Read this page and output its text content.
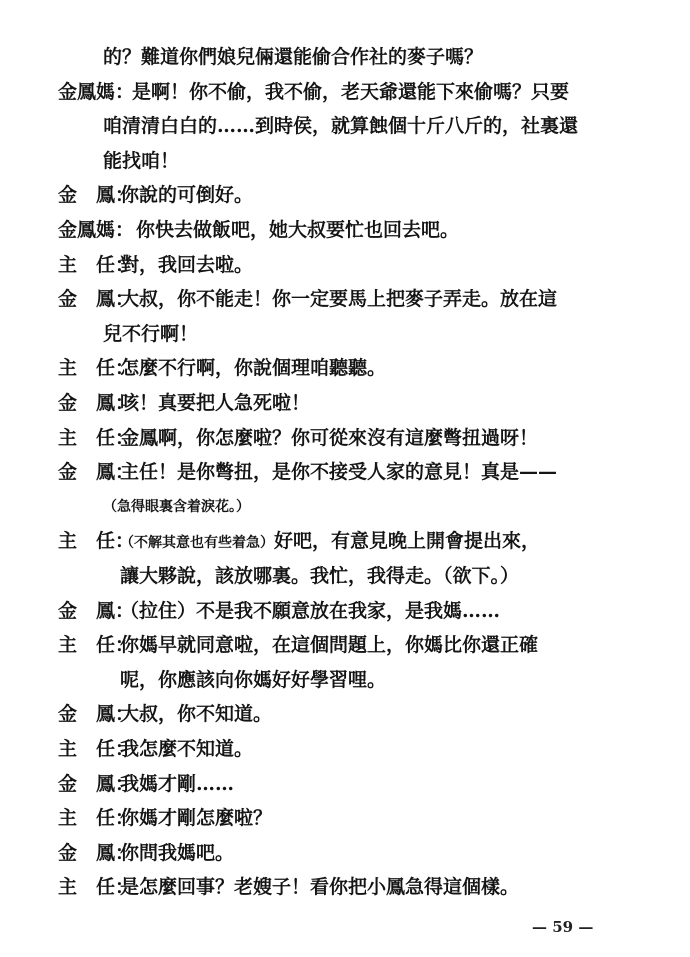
的？難道你們娘兒倆還能偷合作社的麥子嗎？
金鳳媽：
是啊！你不偷，我不偷，老天爺還能下來偷嗎？只要
咱清清白白的……到時侯，就算蝕個十斤八斤的，社裏還
能找咱！
金　鳳：
你說的可倒好。
金鳳媽： 你快去做飯吧，她大叔要忙也回去吧。
主　任：
對，我回去啦。
金　鳳：
大叔，你不能走！你一定要馬上把麥子弄走。放在這
兒不行啊！
主　任：
怎麼不行啊，你說個理咱聽聽。
金　鳳：
咳！真要把人急死啦！
主　任：
金鳳啊，你怎麼啦？你可從來沒有這麼彆扭過呀！
金　鳳：
主任！是你彆扭，是你不接受人家的意見！真是——
（急得眼裏含着淚花。）
主　任：
（不解其意也有些着急）好吧，有意見晚上開會提出來，
讓大夥說，該放哪裏。我忙，我得走。（欲下。）
金　鳳：
（拉住）不是我不願意放在我家，是我媽……
主　任：
你媽早就同意啦，在這個問題上，你媽比你還正確
呢，你應該向你媽好好學習哩。
金　鳳：
大叔，你不知道。
主　任：
我怎麼不知道。
金　鳳：
我媽才剛……
主　任：
你媽才剛怎麼啦？
金　鳳：
你問我媽吧。
主　任：
是怎麼回事？老嫂子！看你把小鳳急得這個樣。
— 59 —
